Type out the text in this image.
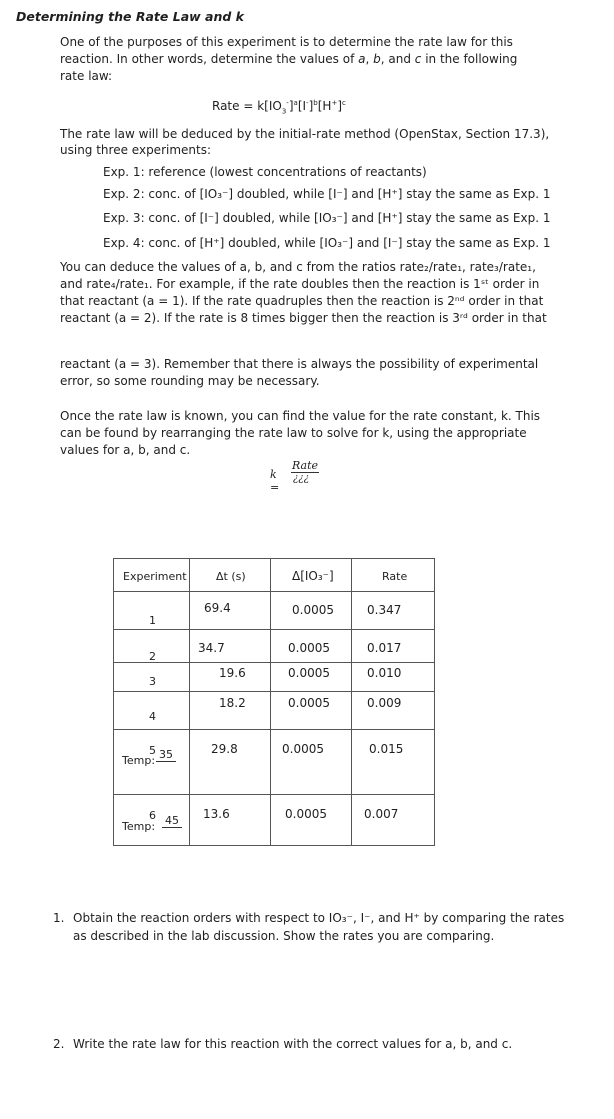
Determining the Rate Law and k
One of the purposes of this experiment is to determine the rate law for this
reaction. In other words, determine the values of a, b, and c in the following
rate law:
Rate = $k[IO_3^-]^a[I^-]^b[H^+]^c$
The rate law will be deduced by the initial-rate method (OpenStax, Section 17.3),
using three experiments:
Exp. 1: reference (lowest concentrations of reactants)
Exp. 2: conc. of [IO₃⁻] doubled, while [I⁻] and [H⁺] stay the same as Exp. 1
Exp. 3: conc. of [I⁻] doubled, while [IO₃⁻] and [H⁺] stay the same as Exp. 1
Exp. 4: conc. of [H⁺] doubled, while [IO₃⁻] and [I⁻] stay the same as Exp. 1
You can deduce the values of a, b, and c from the ratios rate₂/rate₁, rate₃/rate₁,
and rate₄/rate₁. For example, if the rate doubles then the reaction is 1ˢᵗ order in
that reactant (a = 1). If the rate quadruples then the reaction is 2ⁿᵈ order in that
reactant (a = 2). If the rate is 8 times bigger then the reaction is 3ʳᵈ order in that
reactant (a = 3). Remember that there is always the possibility of experimental
error, so some rounding may be necessary.
Once the rate law is known, you can find the value for the rate constant, k. This
can be found by rearranging the rate law to solve for k, using the appropriate
values for a, b, and c.
k =
Rate
¿¿¿
Experiment	Δt (s)	Δ[IO₃⁻]	Rate

1	69.4	0.0005	0.347

2	34.7	0.0005	0.017

3	19.6	0.0005	0.010

4	18.2	0.0005	0.009

5
Temp: 35	29.8	0.0005	0.015

6
Temp: 45	13.6	0.0005	0.007
1. Obtain the reaction orders with respect to IO₃⁻, I⁻, and H⁺ by comparing the rates
as described in the lab discussion. Show the rates you are comparing.
2. Write the rate law for this reaction with the correct values for a, b, and c.
